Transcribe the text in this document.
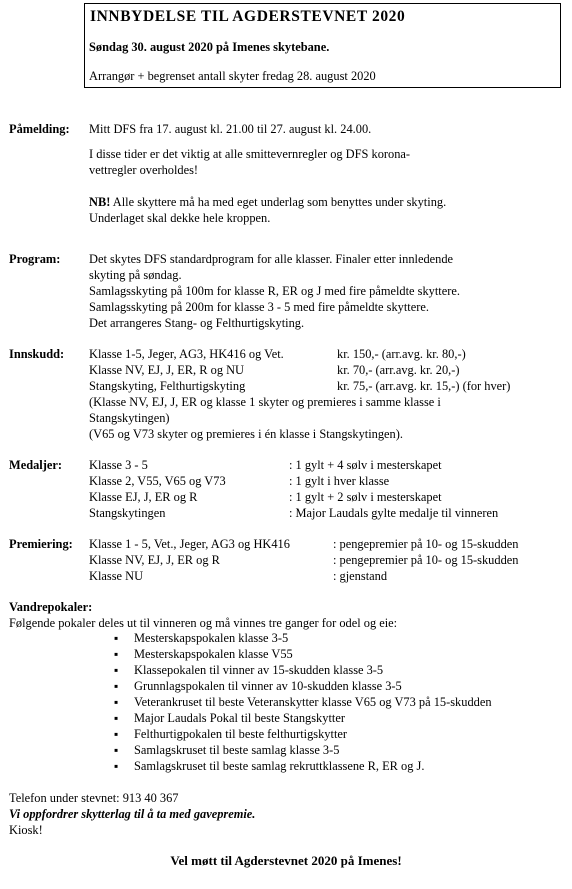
INNBYDELSE TIL AGDERSTEVNET 2020
Søndag 30. august 2020 på Imenes skytebane.
Arrangør + begrenset antall skyter fredag 28. august 2020
Påmelding: Mitt DFS fra 17. august kl. 21.00 til 27. august kl. 24.00.
I disse tider er det viktig at alle smittevernregler og DFS korona-
vettregler overholdes!
NB! Alle skyttere må ha med eget underlag som benyttes under skyting.
Underlaget skal dekke hele kroppen.
Program: Det skytes DFS standardprogram for alle klasser. Finaler etter innledende
skyting på søndag.
Samlagsskyting på 100m for klasse R, ER og J med fire påmeldte skyttere.
Samlagsskyting på 200m for klasse 3 - 5 med fire påmeldte skyttere.
Det arrangeres Stang- og Felthurtigskyting.
Innskudd: Klasse 1-5, Jeger, AG3, HK416 og Vet.	kr. 150,- (arr.avg. kr. 80,-)
Klasse NV, EJ, J, ER, R og NU	kr. 70,- (arr.avg. kr. 20,-)
Stangskyting, Felthurtigskyting	kr. 75,- (arr.avg. kr. 15,-) (for hver)
(Klasse NV, EJ, J, ER og klasse 1 skyter og premieres i samme klasse i
Stangskytingen)
(V65 og V73 skyter og premieres i én klasse i Stangskytingen).
Medaljer: Klasse 3 - 5	: 1 gylt + 4 sølv i mesterskapet
Klasse 2, V55, V65 og V73	: 1 gylt i hver klasse
Klasse EJ, J, ER og R	: 1 gylt + 2 sølv i mesterskapet
Stangskytingen	: Major Laudals gylte medalje til vinneren
Premiering: Klasse 1 - 5, Vet., Jeger, AG3 og HK416	: pengepremier på 10- og 15-skudden
Klasse NV, EJ, J, ER og R	: pengepremier på 10- og 15-skudden
Klasse NU	: gjenstand
Vandrepokaler:
Følgende pokaler deles ut til vinneren og må vinnes tre ganger for odel og eie:
▪ Mesterskapspokalen klasse 3-5
▪ Mesterskapspokalen klasse V55
▪ Klassepokalen til vinner av 15-skudden klasse 3-5
▪ Grunnlagspokalen til vinner av 10-skudden klasse 3-5
▪ Veterankruset til beste Veteranskytter klasse V65 og V73 på 15-skudden
▪ Major Laudals Pokal til beste Stangskytter
▪ Felthurtigpokalen til beste felthurtigskytter
▪ Samlagskruset til beste samlag klasse 3-5
▪ Samlagskruset til beste samlag rekruttklassene R, ER og J.
Telefon under stevnet: 913 40 367
Vi oppfordrer skytterlag til å ta med gavepremie.
Kiosk!
Vel møtt til Agderstevnet 2020 på Imenes!
